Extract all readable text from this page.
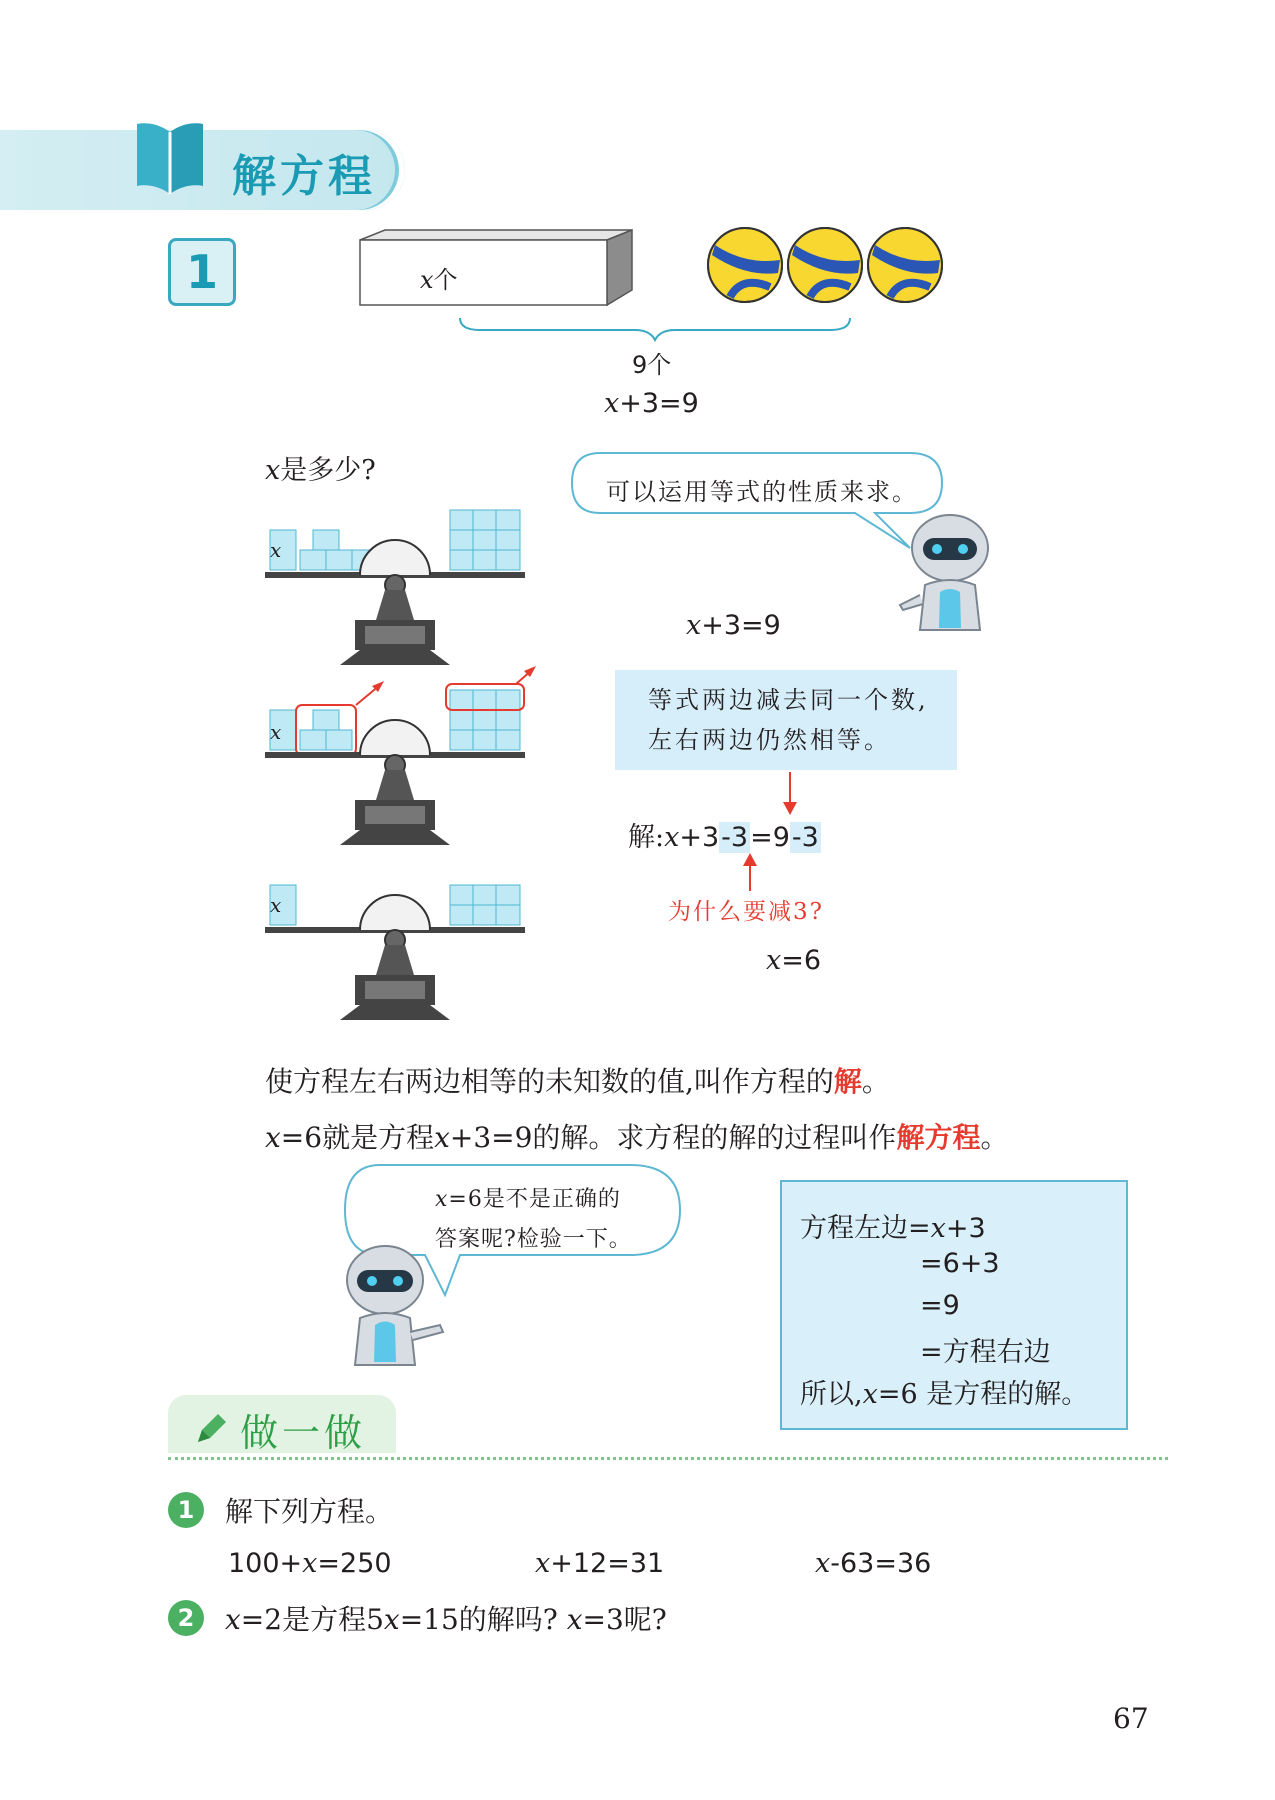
解方程
1	x个
9个
x+3=9
x是多少?
x
x
x
可以运用等式的性质来求。
x+3=9
等式两边减去同一个数,
左右两边仍然相等。
解:x+3-3=9-3
为什么要减3?
x=6
使方程左右两边相等的未知数的值,叫作方程的解。
x=6就是方程x+3=9的解。求方程的解的过程叫作解方程。
x=6是不是正确的
答案呢?检验一下。	方程左边=x+3
=6+3
=9
=方程右边
所以,x=6 是方程的解。
做一做
1	解下列方程。
100+x=250	x+12=31	x-63=36
2	x=2是方程5x=15的解吗? x=3呢?
67
